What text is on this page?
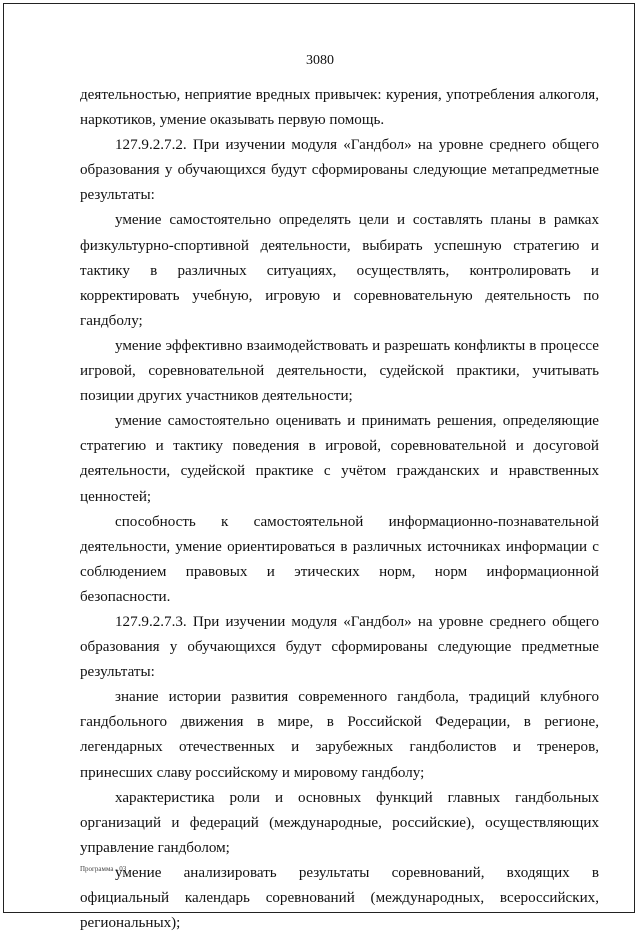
3080

деятельностью, неприятие вредных привычек: курения, употребления алкоголя, наркотиков, умение оказывать первую помощь.

127.9.2.7.2. При изучении модуля «Гандбол» на уровне среднего общего образования у обучающихся будут сформированы следующие метапредметные результаты:

умение самостоятельно определять цели и составлять планы в рамках физкультурно-спортивной деятельности, выбирать успешную стратегию и тактику в различных ситуациях, осуществлять, контролировать и корректировать учебную, игровую и соревновательную деятельность по гандболу;

умение эффективно взаимодействовать и разрешать конфликты в процессе игровой, соревновательной деятельности, судейской практики, учитывать позиции других участников деятельности;

умение самостоятельно оценивать и принимать решения, определяющие стратегию и тактику поведения в игровой, соревновательной и досуговой деятельности, судейской практике с учётом гражданских и нравственных ценностей;

способность к самостоятельной информационно-познавательной деятельности, умение ориентироваться в различных источниках информации с соблюдением правовых и этических норм, норм информационной безопасности.

127.9.2.7.3. При изучении модуля «Гандбол» на уровне среднего общего образования у обучающихся будут сформированы следующие предметные результаты:

знание истории развития современного гандбола, традиций клубного гандбольного движения в мире, в Российской Федерации, в регионе, легендарных отечественных и зарубежных гандболистов и тренеров, принесших славу российскому и мировому гандболу;

характеристика роли и основных функций главных гандбольных организаций и федераций (международные, российские), осуществляющих управление гандболом;

умение анализировать результаты соревнований, входящих в официальный календарь соревнований (международных, всероссийских, региональных);

Программа - 03
